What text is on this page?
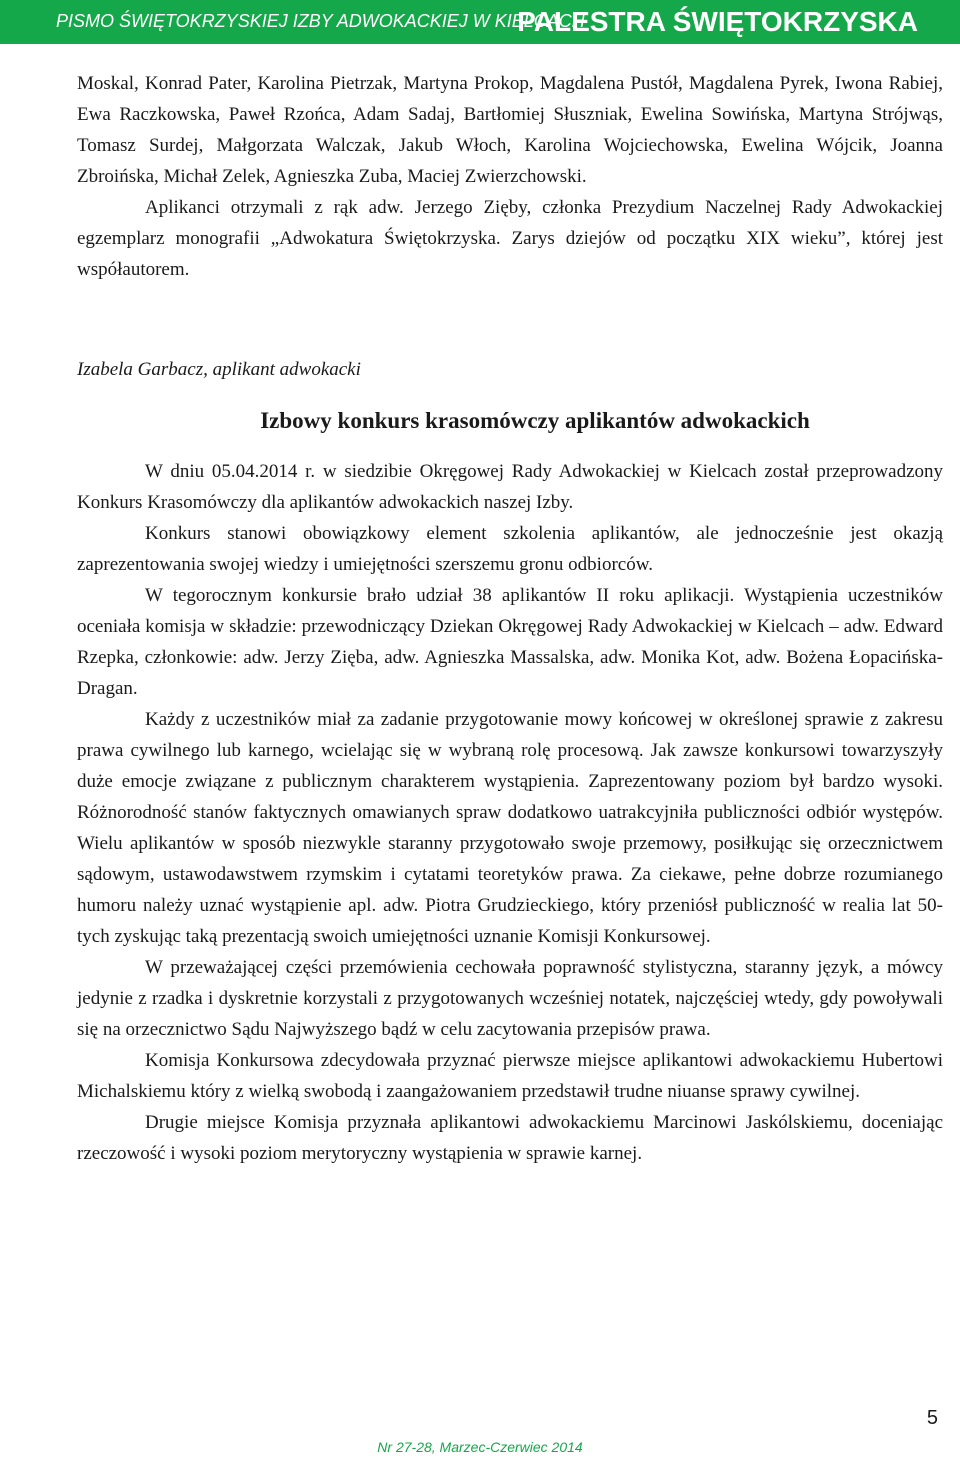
PISMO ŚWIĘTOKRZYSKIEJ IZBY ADWOKACKIEJ W KIELCACH
PALESTRA ŚWIĘTOKRZYSKA

Moskal, Konrad Pater, Karolina Pietrzak, Martyna Prokop, Magdalena Pustół, Magdalena Pyrek, Iwona Rabiej, Ewa Raczkowska, Paweł Rzońca, Adam Sadaj, Bartłomiej Słuszniak, Ewelina Sowińska, Martyna Strójwąs, Tomasz Surdej, Małgorzata Walczak, Jakub Włoch, Karolina Wojciechowska, Ewelina Wójcik, Joanna Zbroińska, Michał Zelek, Agnieszka Zuba, Maciej Zwierzchowski.

Aplikanci otrzymali z rąk adw. Jerzego Zięby, członka Prezydium Naczelnej Rady Adwokackiej egzemplarz monografii „Adwokatura Świętokrzyska. Zarys dziejów od początku XIX wieku”, której jest współautorem.

Izabela Garbacz, aplikant adwokacki

Izbowy konkurs krasomówczy aplikantów adwokackich

W dniu 05.04.2014 r. w siedzibie Okręgowej Rady Adwokackiej w Kielcach został przeprowadzony Konkurs Krasomówczy dla aplikantów adwokackich naszej Izby.

Konkurs stanowi obowiązkowy element szkolenia aplikantów, ale jednocześnie jest okazją zaprezentowania swojej wiedzy i umiejętności szerszemu gronu odbiorców.

W tegorocznym konkursie brało udział 38 aplikantów II roku aplikacji. Wystąpienia uczestników oceniała komisja w składzie: przewodniczący Dziekan Okręgowej Rady Adwokackiej w Kielcach – adw. Edward Rzepka, członkowie: adw. Jerzy Zięba, adw. Agnieszka Massalska, adw. Monika Kot, adw. Bożena Łopacińska-Dragan.

Każdy z uczestników miał za zadanie przygotowanie mowy końcowej w określonej sprawie z zakresu prawa cywilnego lub karnego, wcielając się w wybraną rolę procesową. Jak zawsze konkursowi towarzyszyły duże emocje związane z publicznym charakterem wystąpienia. Zaprezentowany poziom był bardzo wysoki. Różnorodność stanów faktycznych omawianych spraw dodatkowo uatrakcyjniła publiczności odbiór występów. Wielu aplikantów w sposób niezwykle staranny przygotowało swoje przemowy, posiłkując się orzecznictwem sądowym, ustawodawstwem rzymskim i cytatami teoretyków prawa. Za ciekawe, pełne dobrze rozumianego humoru należy uznać wystąpienie apl. adw. Piotra Grudzieckiego, który przeniósł publiczność w realia lat 50-tych zyskując taką prezentacją swoich umiejętności uznanie Komisji Konkursowej.

W przeważającej części przemówienia cechowała poprawność stylistyczna, staranny język, a mówcy jedynie z rzadka i dyskretnie korzystali z przygotowanych wcześniej notatek, najczęściej wtedy, gdy powoływali się na orzecznictwo Sądu Najwyższego bądź w celu zacytowania przepisów prawa.

Komisja Konkursowa zdecydowała przyznać pierwsze miejsce aplikantowi adwokackiemu Hubertowi Michalskiemu który z wielką swobodą i zaangażowaniem przedstawił trudne niuanse sprawy cywilnej.

Drugie miejsce Komisja przyznała aplikantowi adwokackiemu Marcinowi Jaskólskiemu, doceniając rzeczowość i wysoki poziom merytoryczny wystąpienia w sprawie karnej.

5
Nr 27-28, Marzec-Czerwiec 2014
